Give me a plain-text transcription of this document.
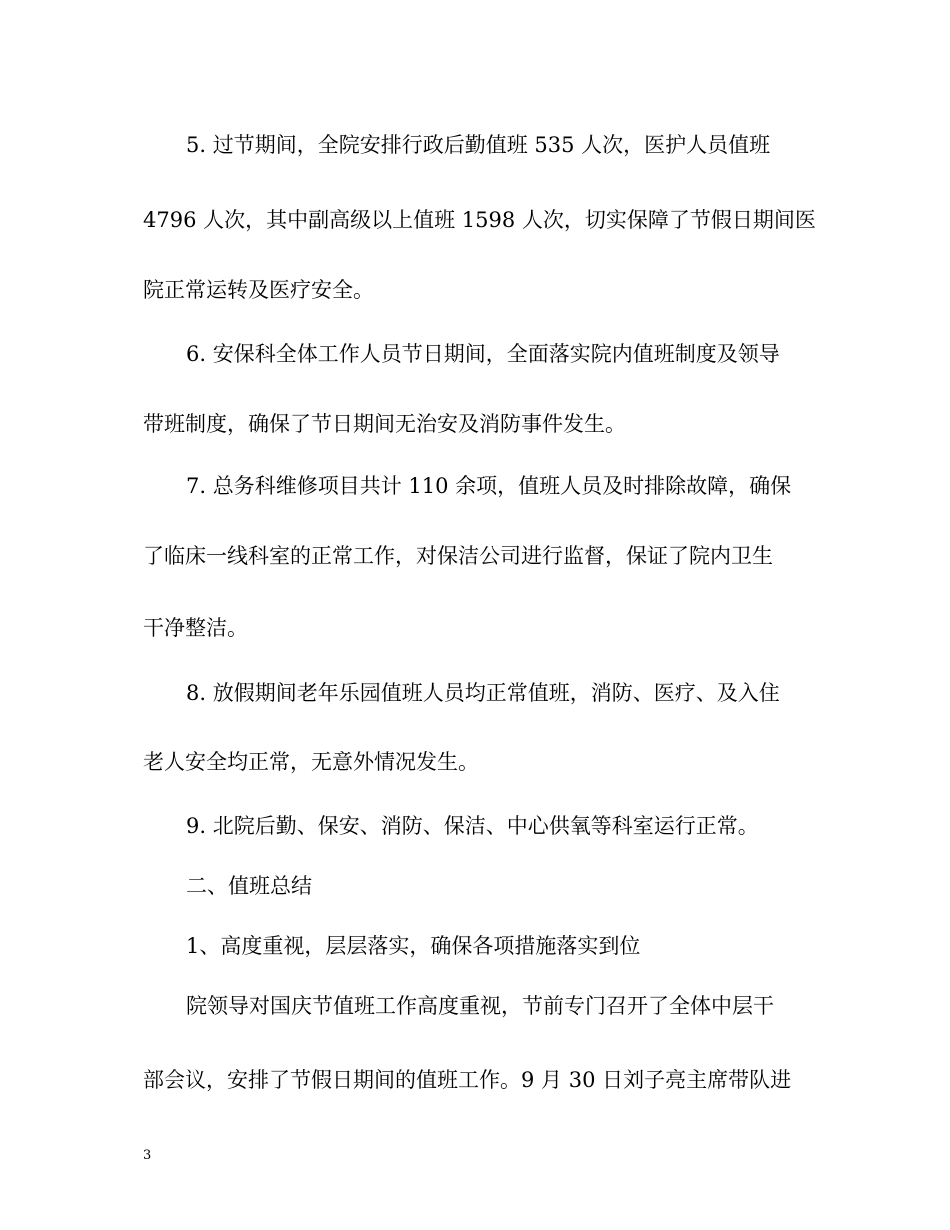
5. 过节期间，全院安排行政后勤值班 535 人次，医护人员值班
4796 人次，其中副高级以上值班 1598 人次，切实保障了节假日期间医
院正常运转及医疗安全。
6. 安保科全体工作人员节日期间，全面落实院内值班制度及领导
带班制度，确保了节日期间无治安及消防事件发生。
7. 总务科维修项目共计 110 余项，值班人员及时排除故障，确保
了临床一线科室的正常工作，对保洁公司进行监督，保证了院内卫生
干净整洁。
8. 放假期间老年乐园值班人员均正常值班，消防、医疗、及入住
老人安全均正常，无意外情况发生。
9. 北院后勤、保安、消防、保洁、中心供氧等科室运行正常。
二、值班总结
1、高度重视，层层落实，确保各项措施落实到位
院领导对国庆节值班工作高度重视，节前专门召开了全体中层干
部会议，安排了节假日期间的值班工作。9 月 30 日刘子亮主席带队进
3
